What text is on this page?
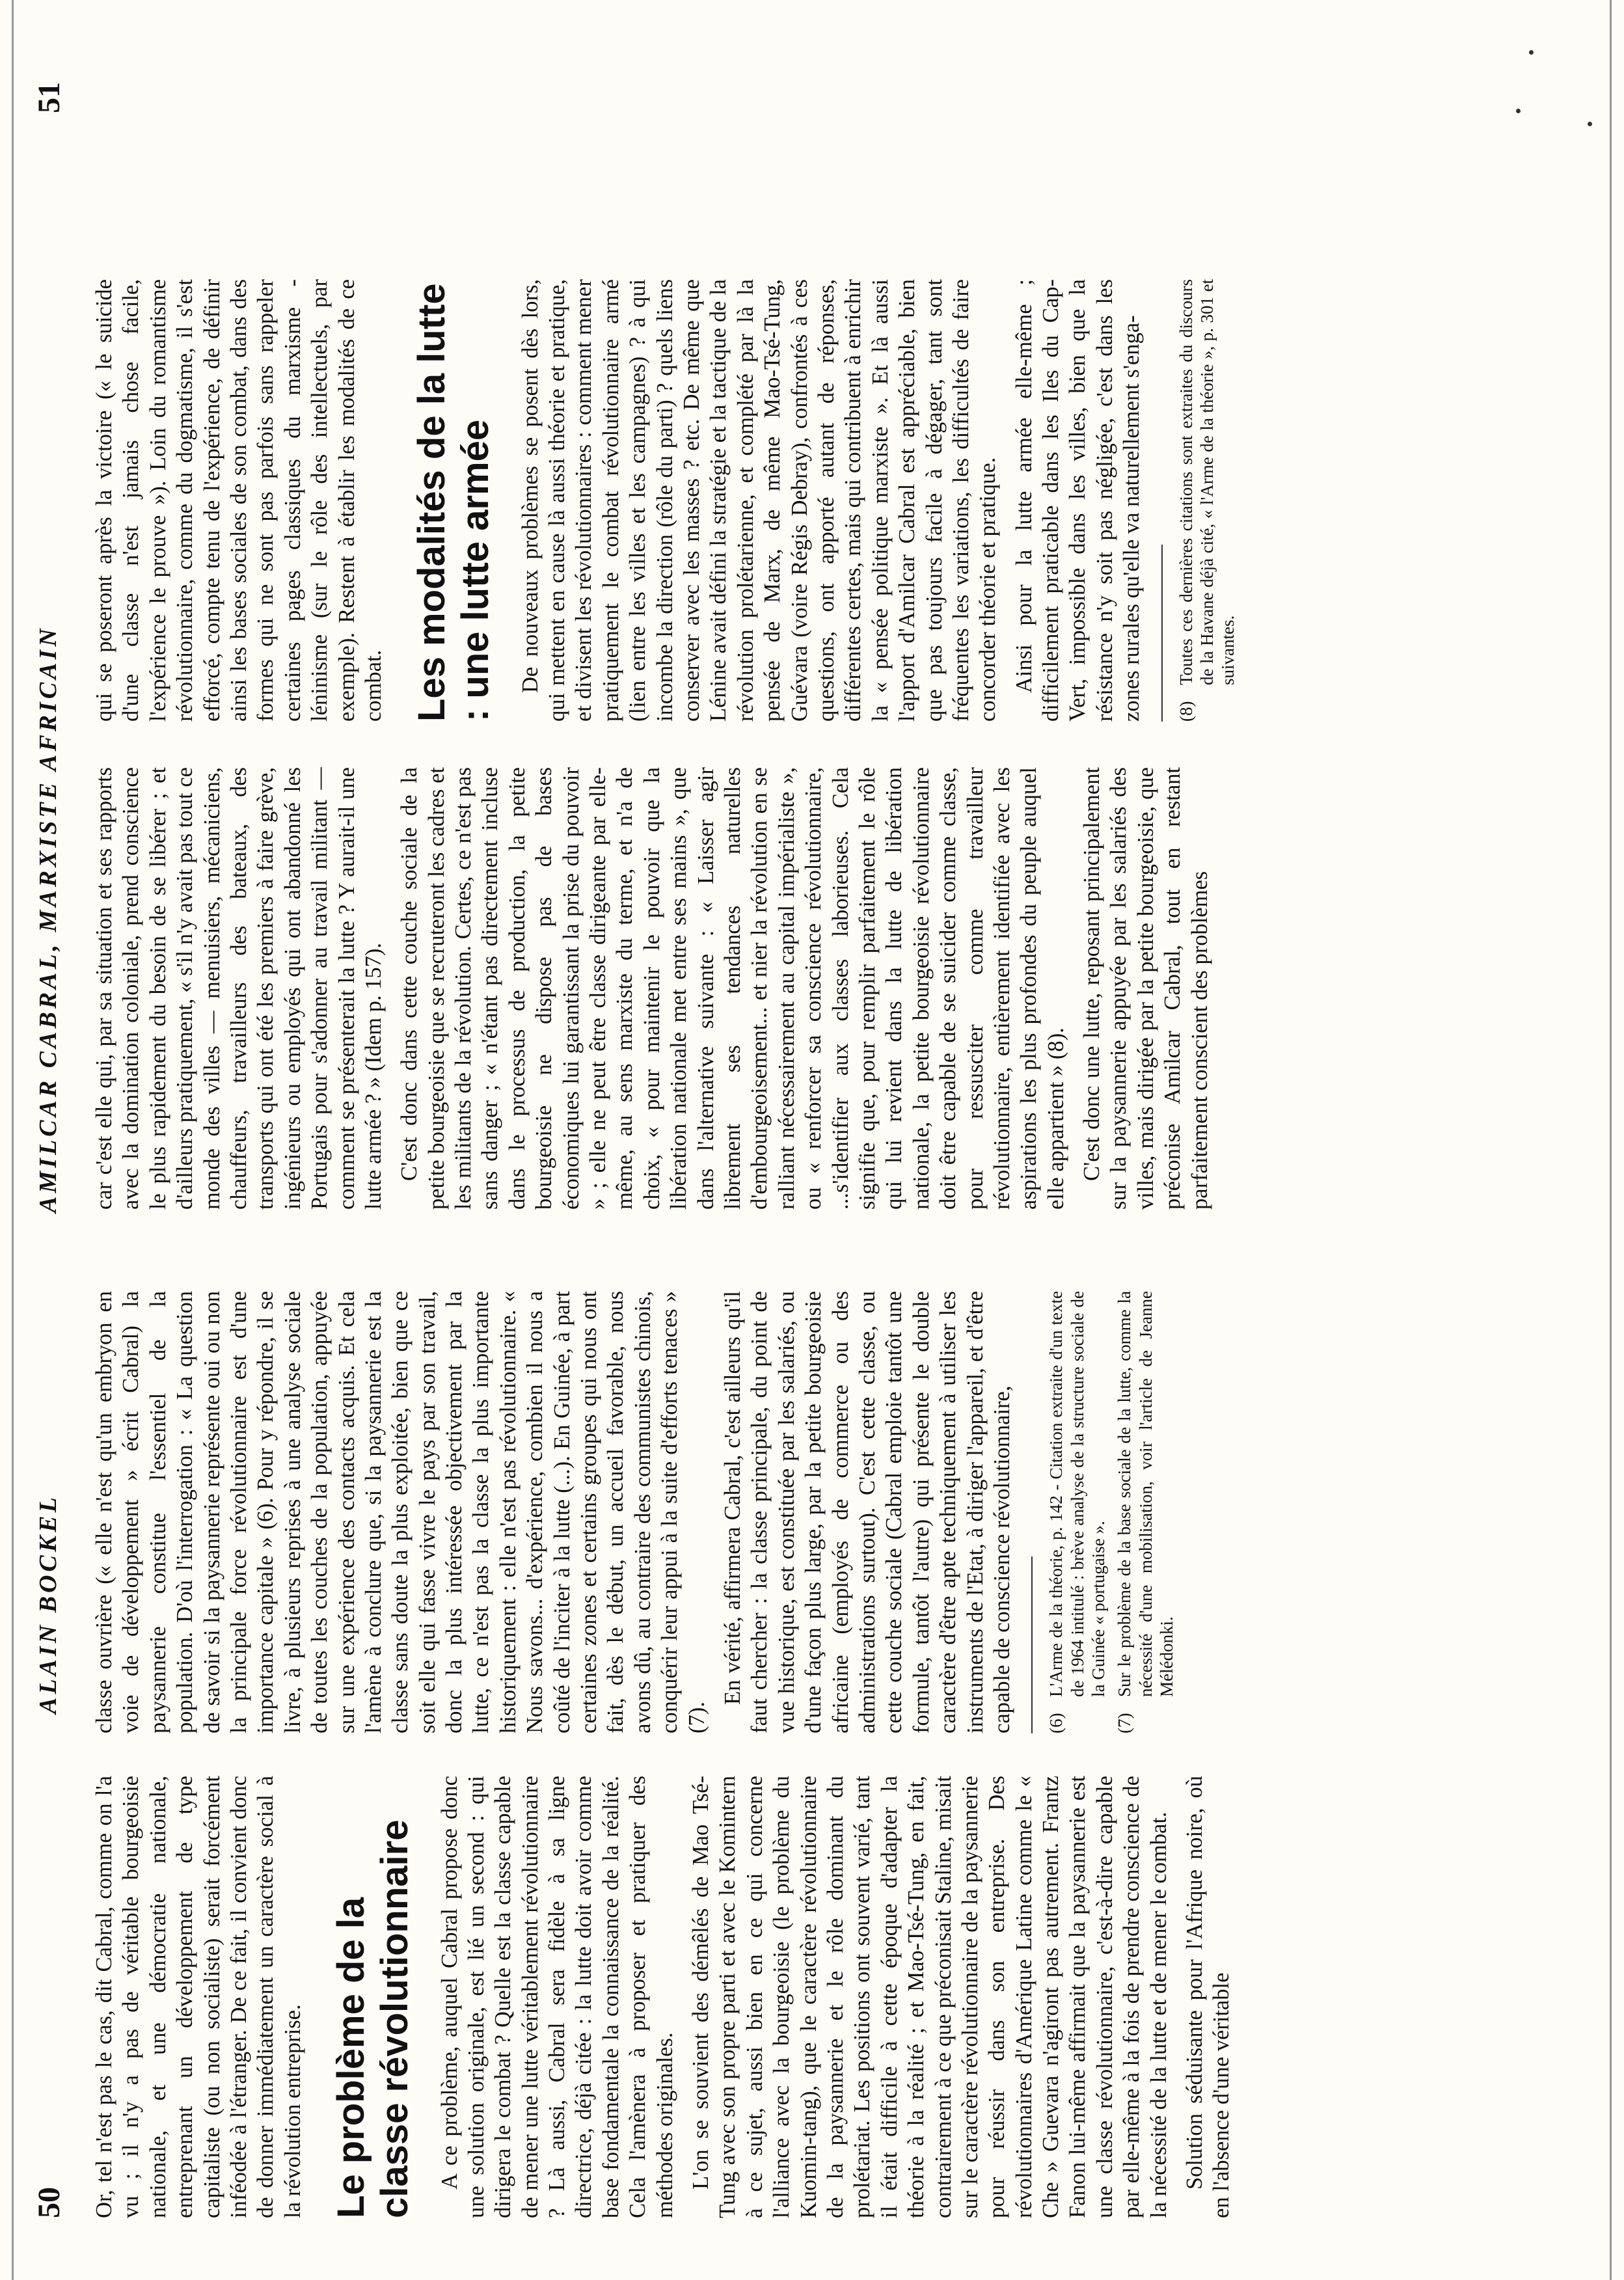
50
ALAIN BOCKEL

Or, tel n'est pas le cas, dit Cabral, comme on l'a vu ; il n'y a pas de véritable bourgeoisie nationale, et une démocratie nationale, entreprenant un développement de type capitaliste (ou non socialiste) serait forcément inféodée à l'étranger. De ce fait, il convient donc de donner immédiatement un caractère social à la révolution entreprise. Le problème de la classe révolutionnaire A ce problème, auquel Cabral propose donc une solution originale, est lié un second : qui dirigera le combat ? Quelle est la classe capable de mener une lutte véritablement révolutionnaire ? Là aussi, Cabral sera fidèle à sa ligne directrice, déjà citée : la lutte doit avoir comme base fondamentale la connaissance de la réalité. Cela l'amènera à proposer et pratiquer des méthodes originales. L'on se souvient des démêlés de Mao Tsé-Tung avec son propre parti et avec le Komintern à ce sujet, aussi bien en ce qui concerne l'alliance avec la bourgeoisie (le problème du Kuomin-tang), que le caractère révolutionnaire de la paysannerie et le rôle dominant du prolétariat. Les positions ont souvent varié, tant il était difficile à cette époque d'adapter la théorie à la réalité ; et Mao-Tsé-Tung, en fait, contrairement à ce que préconisait Staline, misait sur le caractère révolutionnaire de la paysannerie pour réussir dans son entreprise. Des révolutionnaires d'Amérique Latine comme le « Che » Guevara n'agiront pas autrement. Frantz Fanon lui-même affirmait que la paysannerie est une classe révolutionnaire, c'est-à-dire capable par elle-même à la fois de prendre conscience de la nécessité de la lutte et de mener le combat. Solution séduisante pour l'Afrique noire, où en l'absence d'une véritable

classe ouvrière (« elle n'est qu'un embryon en voie de développement » écrit Cabral) la paysannerie constitue l'essentiel de la population. D'où l'interrogation : « La question de savoir si la paysannerie représente oui ou non la principale force révolutionnaire est d'une importance capitale » (6). Pour y répondre, il se livre, à plusieurs reprises à une analyse sociale de toutes les couches de la population, appuyée sur une expérience des contacts acquis. Et cela l'amène à conclure que, si la paysannerie est la classe sans doute la plus exploitée, bien que ce soit elle qui fasse vivre le pays par son travail, donc la plus intéressée objectivement par la lutte, ce n'est pas la classe la plus importante historiquement : elle n'est pas révolutionnaire. « Nous savons... d'expérience, combien il nous a coûté de l'inciter à la lutte (...). En Guinée, à part certaines zones et certains groupes qui nous ont fait, dès le début, un accueil favorable, nous avons dû, au contraire des communistes chinois, conquérir leur appui à la suite d'efforts tenaces » (7).

En vérité, affirmera Cabral, c'est ailleurs qu'il faut chercher : la classe principale, du point de vue historique, est constituée par les salariés, ou d'une façon plus large, par la petite bourgeoisie africaine (employés de commerce ou des administrations surtout). C'est cette classe, ou cette couche sociale (Cabral emploie tantôt une formule, tantôt l'autre) qui présente le double caractère d'être apte techniquement à utiliser les instruments de l'Etat, à diriger l'appareil, et d'être capable de conscience révolutionnaire, (6)
L'Arme de la théorie, p. 142 - Citation extraite d'un texte de 1964 intitulé : brève analyse de la structure sociale de la Guinée « portugaise ».
(7)
Sur le problème de la base sociale de la lutte, comme la nécessité d'une mobilisation, voir l'article de Jeanne Mélédonki.
AMILCAR CABRAL, MARXISTE AFRICAIN
51

car c'est elle qui, par sa situation et ses rapports avec la domination coloniale, prend conscience le plus rapidement du besoin de se libérer ; et d'ailleurs pratiquement, « s'il n'y avait pas tout ce monde des villes — menuisiers, mécaniciens, chauffeurs, travailleurs des bateaux, des transports qui ont été les premiers à faire grève, ingénieurs ou employés qui ont abandonné les Portugais pour s'adonner au travail militant — comment se présenterait la lutte ? Y aurait-il une lutte armée ? » (Idem p. 157). C'est donc dans cette couche sociale de la petite bourgeoisie que se recruteront les cadres et les militants de la révolution. Certes, ce n'est pas sans danger ; « n'étant pas directement incluse dans le processus de production, la petite bourgeoisie ne dispose pas de bases économiques lui garantissant la prise du pouvoir » ; elle ne peut être classe dirigeante par elle-même, au sens marxiste du terme, et n'a de choix, « pour maintenir le pouvoir que la libération nationale met entre ses mains », que dans l'alternative suivante : « Laisser agir librement ses tendances naturelles d'embourgeoisement... et nier la révolution en se ralliant nécessairement au capital impérialiste », ou « renforcer sa conscience révolutionnaire, ...s'identifier aux classes laborieuses. Cela signifie que, pour remplir parfaitement le rôle qui lui revient dans la lutte de libération nationale, la petite bourgeoisie révolutionnaire doit être capable de se suicider comme classe, pour ressusciter comme travailleur révolutionnaire, entièrement identifiée avec les aspirations les plus profondes du peuple auquel elle appartient » (8). C'est donc une lutte, reposant principalement sur la paysannerie appuyée par les salariés des villes, mais dirigée par la petite bourgeoisie, que préconise Amilcar Cabral, tout en restant parfaitement conscient des problèmes

qui se poseront après la victoire (« le suicide d'une classe n'est jamais chose facile, l'expérience le prouve »). Loin du romantisme révolutionnaire, comme du dogmatisme, il s'est efforcé, compte tenu de l'expérience, de définir ainsi les bases sociales de son combat, dans des formes qui ne sont pas parfois sans rappeler certaines pages classiques du marxisme - léninisme (sur le rôle des intellectuels, par exemple). Restent à établir les modalités de ce combat. Les modalités de la lutte : une lutte armée De nouveaux problèmes se posent dès lors, qui mettent en cause là aussi théorie et pratique, et divisent les révolutionnaires : comment mener pratiquement le combat révolutionnaire armé (lien entre les villes et les campagnes) ? à qui incombe la direction (rôle du parti) ? quels liens conserver avec les masses ? etc. De même que Lénine avait défini la stratégie et la tactique de la révolution prolétarienne, et complété par là la pensée de Marx, de même Mao-Tsé-Tung, Guévara (voire Régis Debray), confrontés à ces questions, ont apporté autant de réponses, différentes certes, mais qui contribuent à enrichir la « pensée politique marxiste ». Et là aussi l'apport d'Amilcar Cabral est appréciable, bien que pas toujours facile à dégager, tant sont fréquentes les variations, les difficultés de faire concorder théorie et pratique. Ainsi pour la lutte armée elle-même ; difficilement praticable dans les Iles du Cap-Vert, impossible dans les villes, bien que la résistance n'y soit pas négligée, c'est dans les zones rurales qu'elle va naturellement s'enga- (8)
Toutes ces dernières citations sont extraites du discours de la Havane déjà cité, « l'Arme de la théorie », p. 301 et suivantes.
